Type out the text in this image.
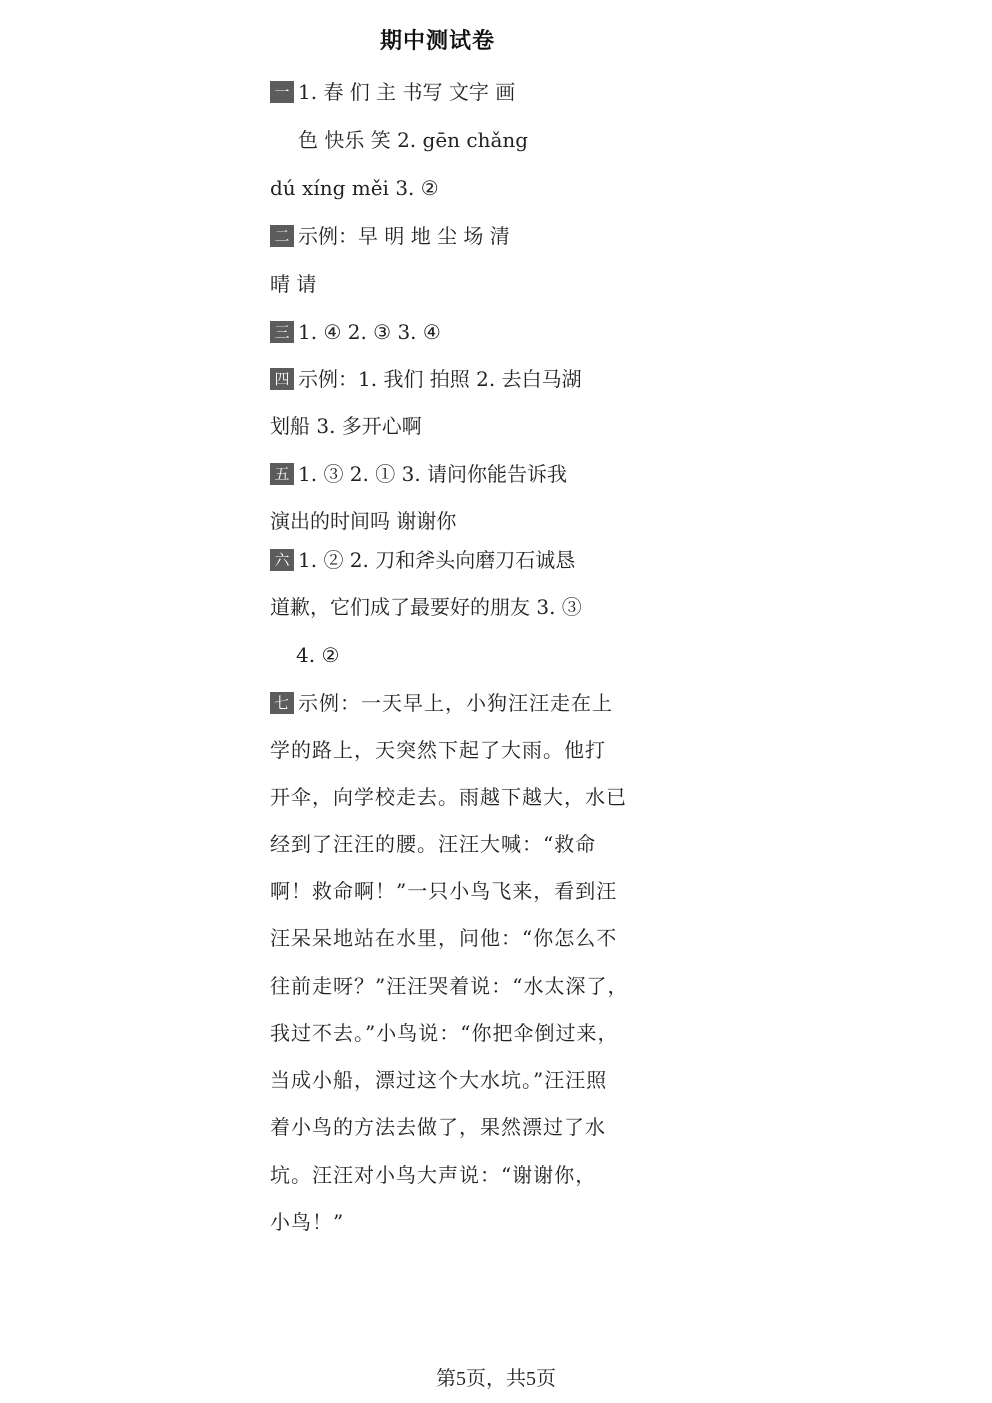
期中测试卷
一 1. 春 们 主 书写 文字 画
色 快乐 笑 2. gēn chǎng
dú xíng měi 3. ②
二 示例：早 明 地 尘 场 清
晴 请
三 1. ④ 2. ③ 3. ④
四 示例：1. 我们 拍照 2. 去白马湖
划船 3. 多开心啊
五 1. ③ 2. ① 3. 请问你能告诉我
演出的时间吗 谢谢你
六 1. ② 2. 刀和斧头向磨刀石诚恳
道歉，它们成了最要好的朋友 3. ③
4. ②
七 示例：一天早上，小狗汪汪走在上
学的路上，天突然下起了大雨。他打
开伞，向学校走去。雨越下越大，水已
经到了汪汪的腰。汪汪大喊：“救命
啊！救命啊！”一只小鸟飞来，看到汪
汪呆呆地站在水里，问他：“你怎么不
往前走呀？”汪汪哭着说：“水太深了，
我过不去。”小鸟说：“你把伞倒过来，
当成小船，漂过这个大水坑。”汪汪照
着小鸟的方法去做了，果然漂过了水
坑。汪汪对小鸟大声说：“谢谢你，
小鸟！”
第5页，共5页
